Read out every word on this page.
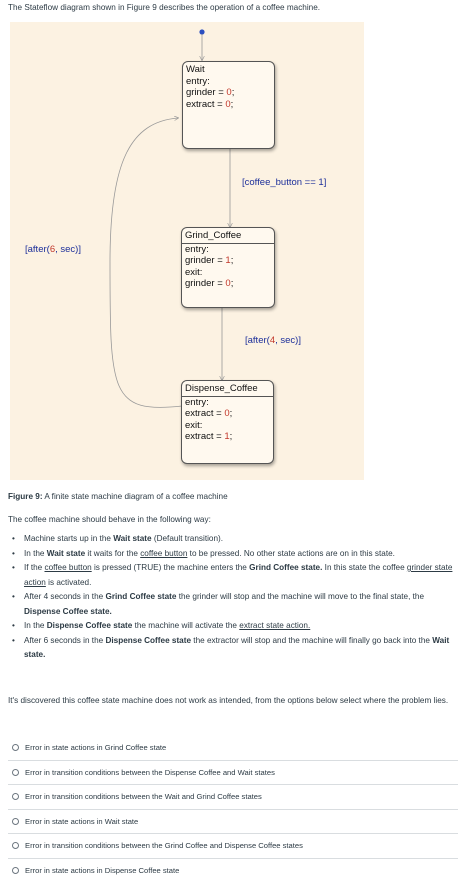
The Stateflow diagram shown in Figure 9 describes the operation of a coffee machine.
Wait
entry:
grinder = 0;
extract = 0;
Grind_Coffee
entry:
grinder = 1;
exit:
grinder = 0;
Dispense_Coffee
entry:
extract = 0;
exit:
extract = 1;
[coffee_button == 1]
[after(4, sec)]
[after(6, sec)]
Figure 9: A finite state machine diagram of a coffee machine
The coffee machine should behave in the following way:
• Machine starts up in the Wait state (Default transition).
• In the Wait state it waits for the coffee button to be pressed. No other state actions are on in this state.
• If the coffee button is pressed (TRUE) the machine enters the Grind Coffee state. In this state the coffee grinder state action is activated.
• After 4 seconds in the Grind Coffee state the grinder will stop and the machine will move to the final state, the Dispense Coffee state.
• In the Dispense Coffee state the machine will activate the extract state action.
• After 6 seconds in the Dispense Coffee state the extractor will stop and the machine will finally go back into the Wait state.
It's discovered this coffee state machine does not work as intended, from the options below select where the problem lies.
Error in state actions in Grind Coffee state
Error in transition conditions between the Dispense Coffee and Wait states
Error in transition conditions between the Wait and Grind Coffee states
Error in state actions in Wait state
Error in transition conditions between the Grind Coffee and Dispense Coffee states
Error in state actions in Dispense Coffee state
